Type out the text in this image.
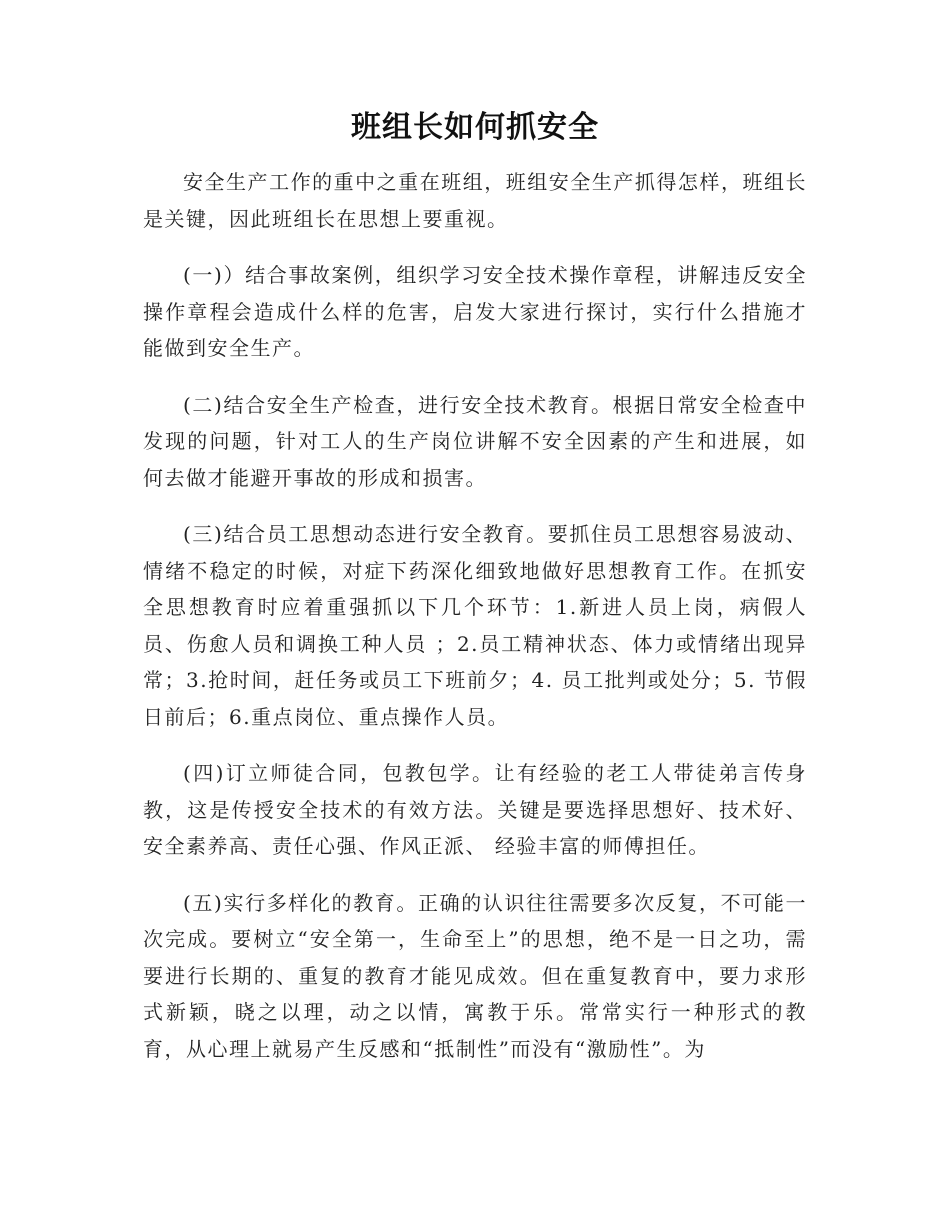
班组长如何抓安全

安全生产工作的重中之重在班组，班组安全生产抓得怎样，班组长是关键，因此班组长在思想上要重视。

(一)）结合事故案例，组织学习安全技术操作章程，讲解违反安全操作章程会造成什么样的危害，启发大家进行探讨，实行什么措施才能做到安全生产。

(二)结合安全生产检查，进行安全技术教育。根据日常安全检查中发现的问题，针对工人的生产岗位讲解不安全因素的产生和进展，如何去做才能避开事故的形成和损害。

(三)结合员工思想动态进行安全教育。要抓住员工思想容易波动、情绪不稳定的时候，对症下药深化细致地做好思想教育工作。在抓安全思想教育时应着重强抓以下几个环节：1.新进人员上岗，病假人员、伤愈人员和调换工种人员 ；2.员工精神状态、体力或情绪出现异常；3.抢时间，赶任务或员工下班前夕；4. 员工批判或处分；5. 节假日前后；6.重点岗位、重点操作人员。

(四)订立师徒合同，包教包学。让有经验的老工人带徒弟言传身教，这是传授安全技术的有效方法。关键是要选择思想好、技术好、安全素养高、责任心强、作风正派、 经验丰富的师傅担任。

(五)实行多样化的教育。正确的认识往往需要多次反复，不可能一次完成。要树立“安全第一，生命至上”的思想，绝不是一日之功，需要进行长期的、重复的教育才能见成效。但在重复教育中，要力求形式新颖，晓之以理，动之以情，寓教于乐。常常实行一种形式的教育，从心理上就易产生反感和“抵制性”而没有“激励性”。为
